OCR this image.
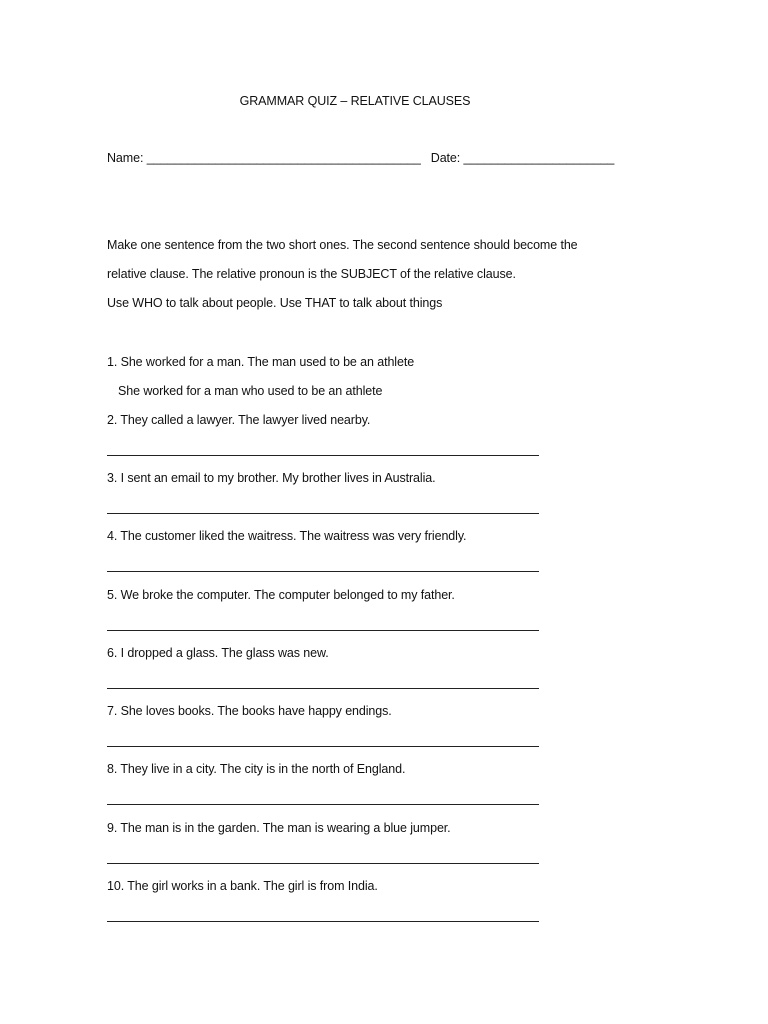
GRAMMAR QUIZ – RELATIVE CLAUSES
Name: ________________________________________ Date: ______________________
Make one sentence from the two short ones. The second sentence should become the
relative clause. The relative pronoun is the SUBJECT of the relative clause.
Use WHO to talk about people. Use THAT to talk about things
1. She worked for a man. The man used to be an athlete
She worked for a man who used to be an athlete
2. They called a lawyer. The lawyer lived nearby.
3. I sent an email to my brother. My brother lives in Australia.
4. The customer liked the waitress. The waitress was very friendly.
5. We broke the computer. The computer belonged to my father.
6. I dropped a glass. The glass was new.
7. She loves books. The books have happy endings.
8. They live in a city. The city is in the north of England.
9. The man is in the garden. The man is wearing a blue jumper.
10. The girl works in a bank. The girl is from India.
